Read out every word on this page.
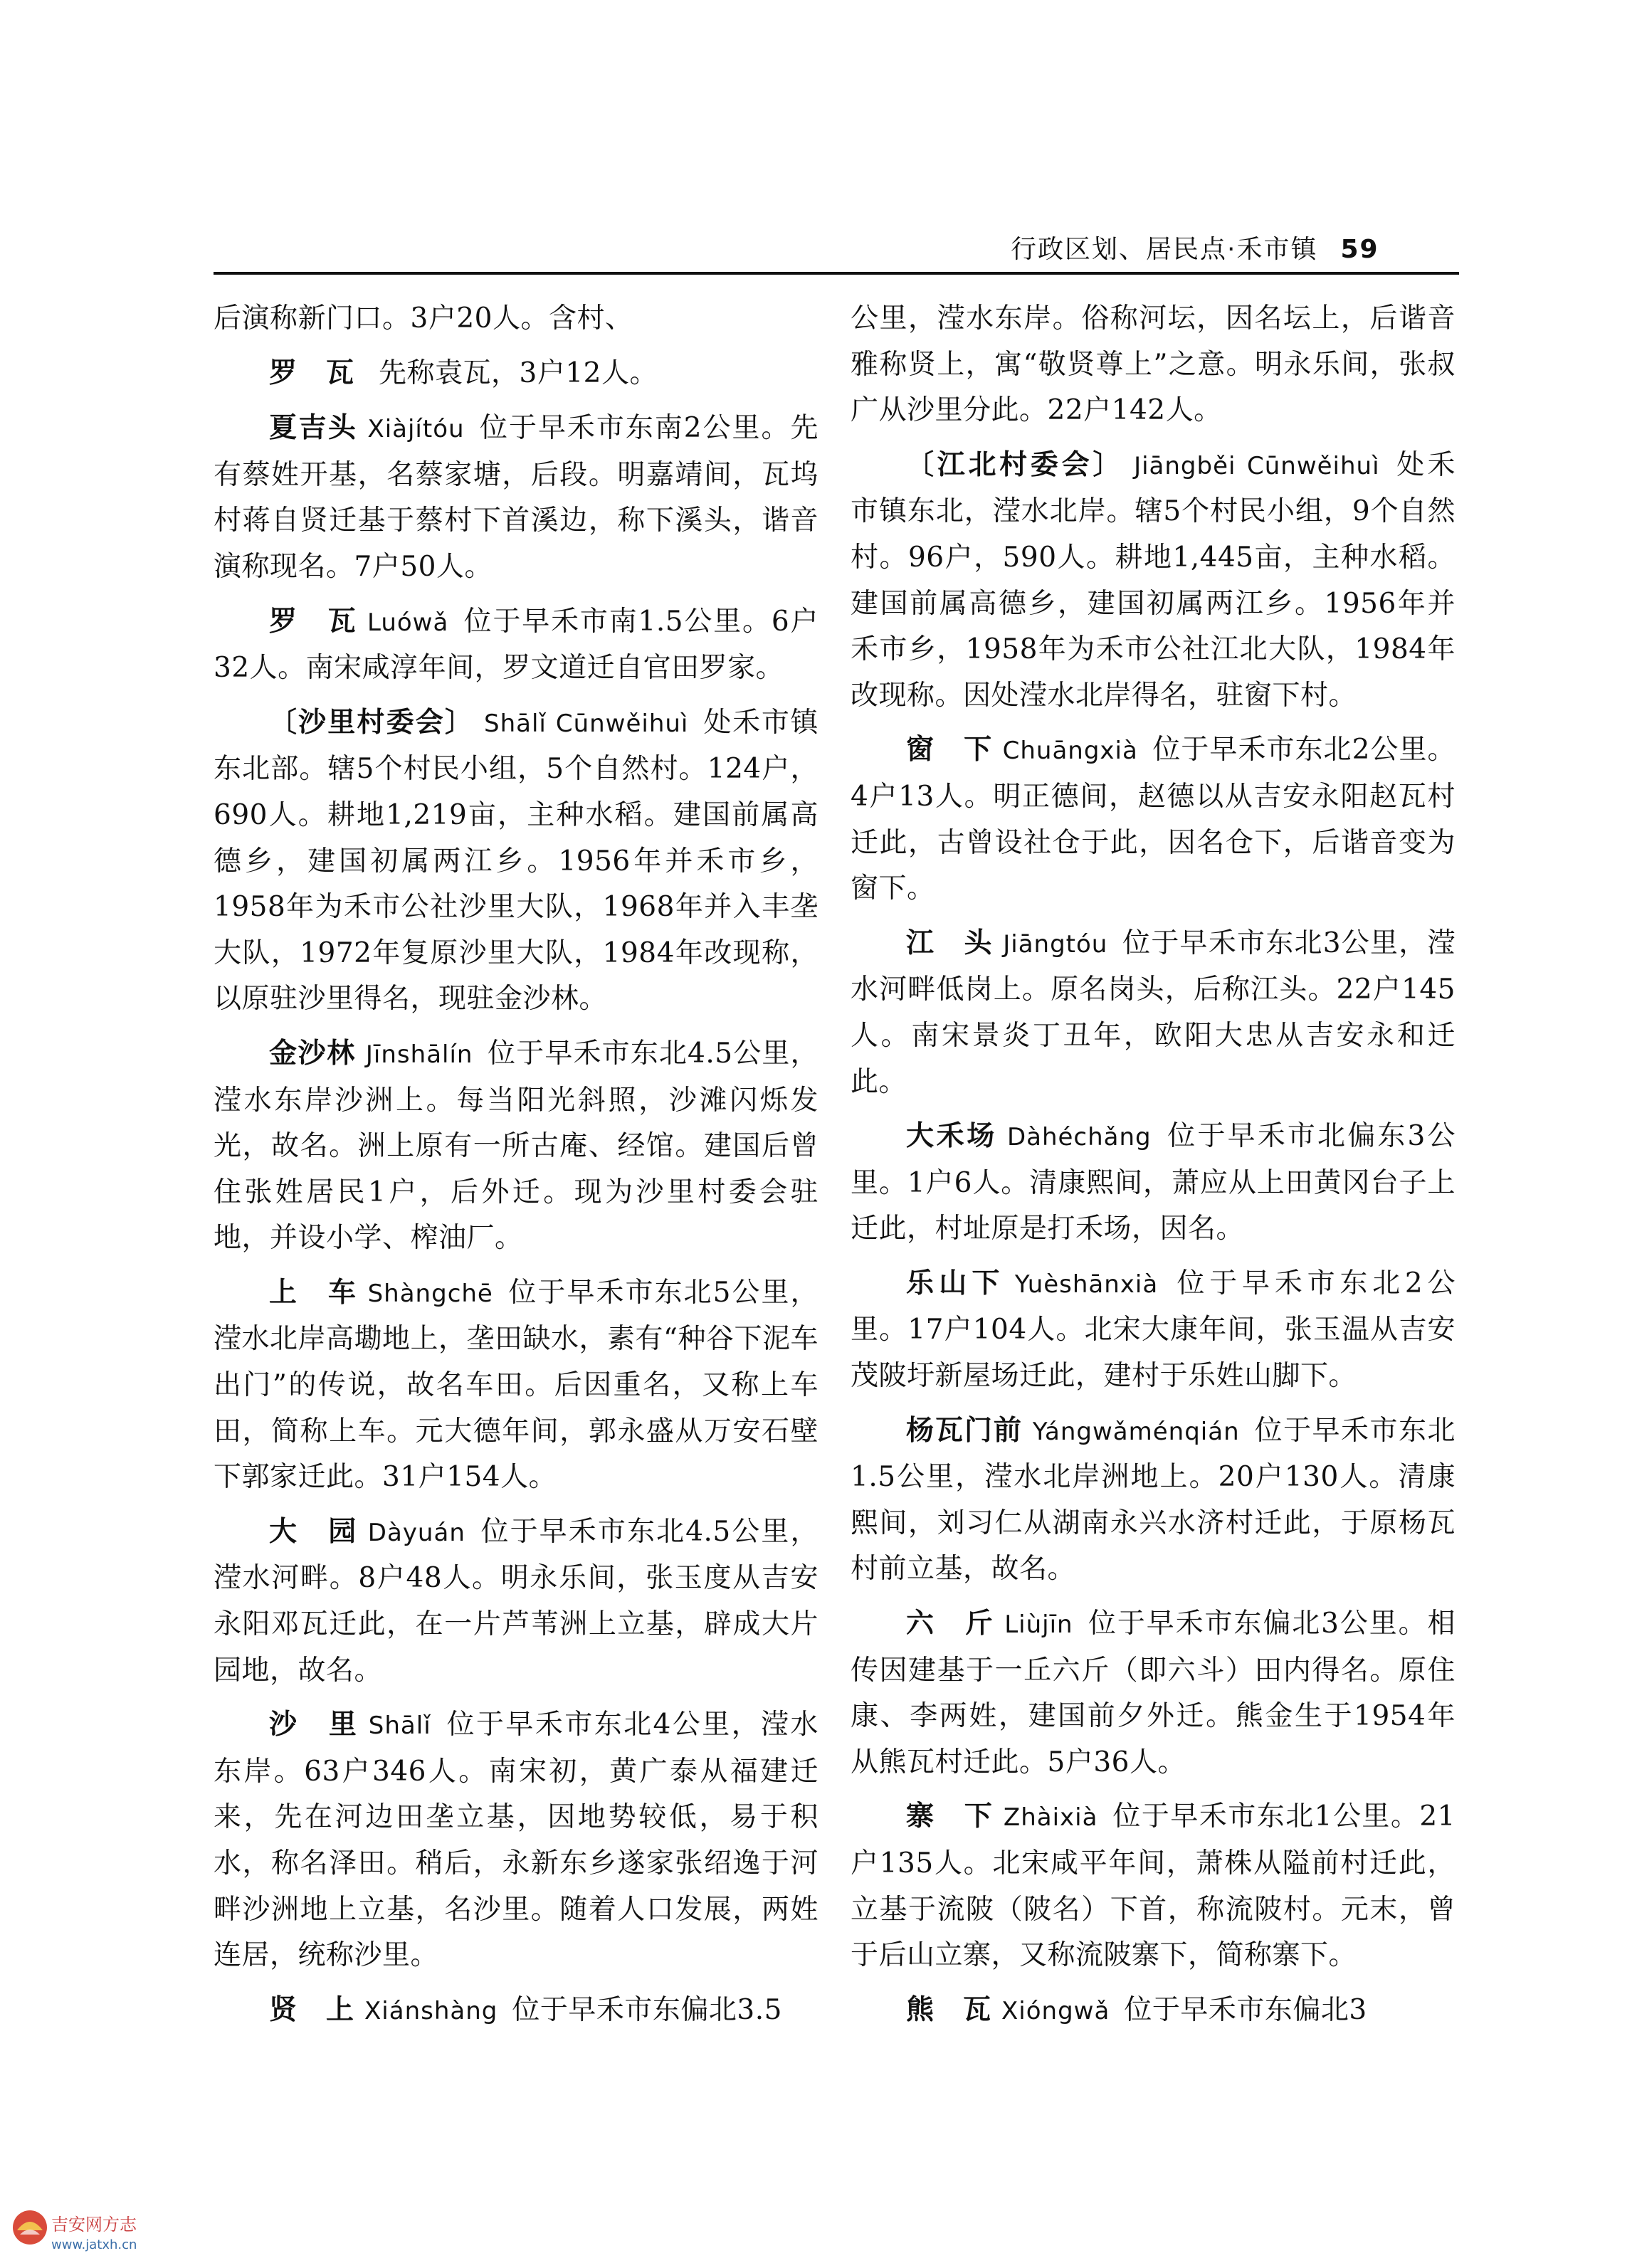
行政区划、居民点·禾市镇 59

后演称新门口。3户20人。含村、

罗　瓦 先称袁瓦，3户12人。

夏吉头 Xiàjítóu 位于早禾市东南2公里。先有蔡姓开基，名蔡家塘，后段。明嘉靖间，瓦坞村蒋自贤迁基于蔡村下首溪边，称下溪头，谐音演称现名。7户50人。

罗　瓦 Luówǎ 位于早禾市南1.5公里。6户32人。南宋咸淳年间，罗文道迁自官田罗家。

〔沙里村委会〕 Shālǐ Cūnwěihuì 处禾市镇东北部。辖5个村民小组，5个自然村。124户，690人。耕地1,219亩，主种水稻。建国前属高德乡，建国初属两江乡。1956年并禾市乡，1958年为禾市公社沙里大队，1968年并入丰垄大队，1972年复原沙里大队，1984年改现称，以原驻沙里得名，现驻金沙林。

金沙林 Jīnshālín 位于早禾市东北4.5公里，滢水东岸沙洲上。每当阳光斜照，沙滩闪烁发光，故名。洲上原有一所古庵、经馆。建国后曾住张姓居民1户，后外迁。现为沙里村委会驻地，并设小学、榨油厂。

上　车 Shàngchē 位于早禾市东北5公里，滢水北岸高墈地上，垄田缺水，素有“种谷下泥车出门”的传说，故名车田。后因重名，又称上车田，简称上车。元大德年间，郭永盛从万安石壁下郭家迁此。31户154人。

大　园 Dàyuán 位于早禾市东北4.5公里，滢水河畔。8户48人。明永乐间，张玉度从吉安永阳邓瓦迁此，在一片芦苇洲上立基，辟成大片园地，故名。

沙　里 Shālǐ 位于早禾市东北4公里，滢水东岸。63户346人。南宋初，黄广泰从福建迁来，先在河边田垄立基，因地势较低，易于积水，称名泽田。稍后，永新东乡遂家张绍逸于河畔沙洲地上立基，名沙里。随着人口发展，两姓连居，统称沙里。

贤　上 Xiánshàng 位于早禾市东偏北3.5

公里，滢水东岸。俗称河坛，因名坛上，后谐音雅称贤上，寓“敬贤尊上”之意。明永乐间，张叔广从沙里分此。22户142人。

〔江北村委会〕 Jiāngběi Cūnwěihuì 处禾市镇东北，滢水北岸。辖5个村民小组，9个自然村。96户，590人。耕地1,445亩，主种水稻。建国前属高德乡，建国初属两江乡。1956年并禾市乡，1958年为禾市公社江北大队，1984年改现称。因处滢水北岸得名，驻窗下村。

窗　下 Chuāngxià 位于早禾市东北2公里。4户13人。明正德间，赵德以从吉安永阳赵瓦村迁此，古曾设社仓于此，因名仓下，后谐音变为窗下。

江　头 Jiāngtóu 位于早禾市东北3公里，滢水河畔低岗上。原名岗头，后称江头。22户145人。南宋景炎丁丑年，欧阳大忠从吉安永和迁此。

大禾场 Dàhéchǎng 位于早禾市北偏东3公里。1户6人。清康熙间，萧应从上田黄冈台子上迁此，村址原是打禾场，因名。

乐山下 Yuèshānxià 位于早禾市东北2公里。17户104人。北宋大康年间，张玉温从吉安茂陂圩新屋场迁此，建村于乐姓山脚下。

杨瓦门前 Yángwǎménqián 位于早禾市东北1.5公里，滢水北岸洲地上。20户130人。清康熙间，刘习仁从湖南永兴水济村迁此，于原杨瓦村前立基，故名。

六　斤 Liùjīn 位于早禾市东偏北3公里。相传因建基于一丘六斤（即六斗）田内得名。原住康、李两姓，建国前夕外迁。熊金生于1954年从熊瓦村迁此。5户36人。

寨　下 Zhàixià 位于早禾市东北1公里。21户135人。北宋咸平年间，萧株从隘前村迁此，立基于流陂（陂名）下首，称流陂村。元末，曾于后山立寨，又称流陂寨下，简称寨下。

熊　瓦 Xióngwǎ 位于早禾市东偏北3

吉安网方志
www.jatxh.cn
